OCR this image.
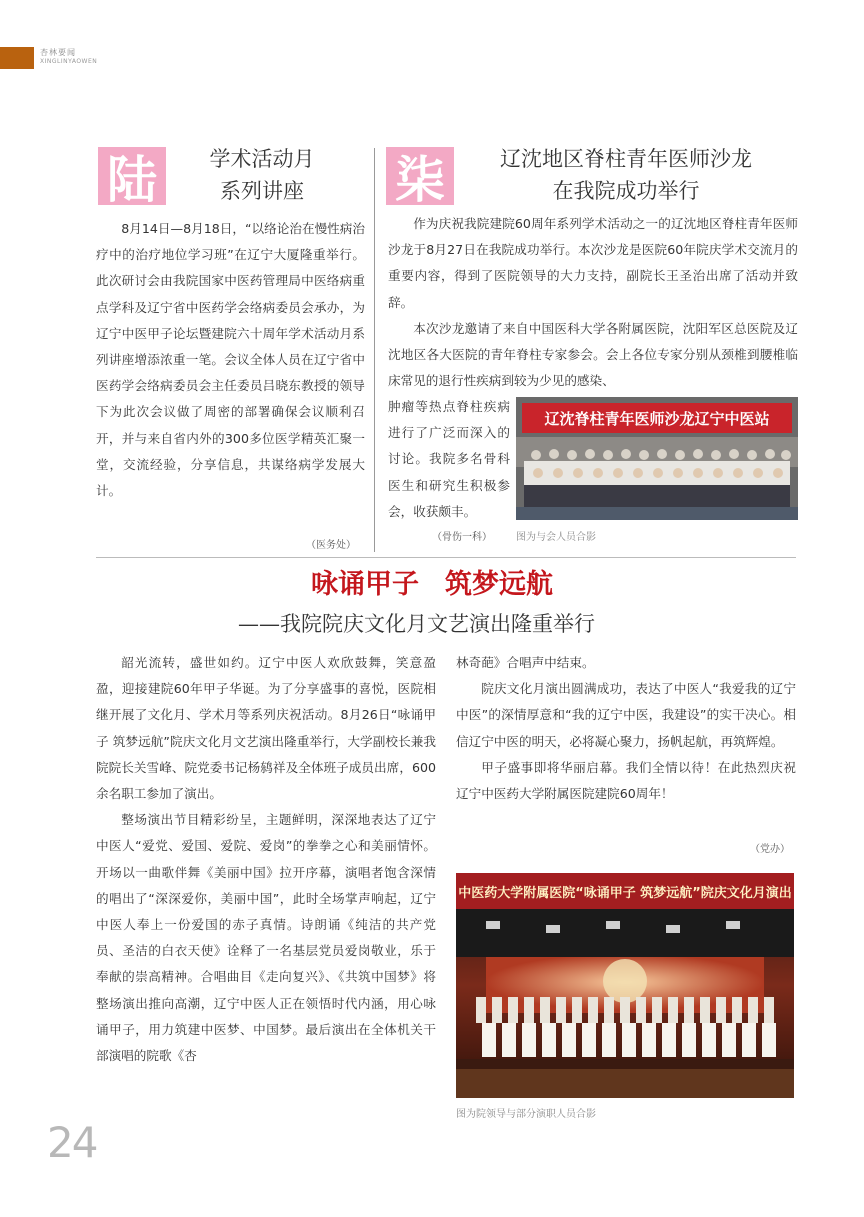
杏林要闻
XINGLINYAOWEN
陆	学术活动月
系列讲座

8月14日—8月18日，“以络论治在慢性病治疗中的治疗地位学习班”在辽宁大厦隆重举行。此次研讨会由我院国家中医药管理局中医络病重点学科及辽宁省中医药学会络病委员会承办，为辽宁中医甲子论坛暨建院六十周年学术活动月系列讲座增添浓重一笔。会议全体人员在辽宁省中医药学会络病委员会主任委员吕晓东教授的领导下为此次会议做了周密的部署确保会议顺利召开，并与来自省内外的300多位医学精英汇聚一堂，交流经验，分享信息，共谋络病学发展大计。

（医务处）
柒	辽沈地区脊柱青年医师沙龙
在我院成功举行

作为庆祝我院建院60周年系列学术活动之一的辽沈地区脊柱青年医师沙龙于8月27日在我院成功举行。本次沙龙是医院60年院庆学术交流月的重要内容，得到了医院领导的大力支持，副院长王圣治出席了活动并致辞。

本次沙龙邀请了来自中国医科大学各附属医院，沈阳军区总医院及辽沈地区各大医院的青年脊柱专家参会。会上各位专家分别从颈椎到腰椎临床常见的退行性疾病到较为少见的感染、

肿瘤等热点脊柱疾病进行了广泛而深入的讨论。我院多名骨科医生和研究生积极参会，收获颇丰。

（骨伤一科）
辽沈脊柱青年医师沙龙辽宁中医站
图为与会人员合影
咏诵甲子 筑梦远航
——我院院庆文化月文艺演出隆重举行

韶光流转，盛世如约。辽宁中医人欢欣鼓舞，笑意盈盈，迎接建院60年甲子华诞。为了分享盛事的喜悦，医院相继开展了文化月、学术月等系列庆祝活动。8月26日“咏诵甲子 筑梦远航”院庆文化月文艺演出隆重举行，大学副校长兼我院院长关雪峰、院党委书记杨鸫祥及全体班子成员出席，600余名职工参加了演出。

整场演出节目精彩纷呈，主题鲜明，深深地表达了辽宁中医人“爱党、爱国、爱院、爱岗”的拳拳之心和美丽情怀。开场以一曲歌伴舞《美丽中国》拉开序幕，演唱者饱含深情的唱出了“深深爱你，美丽中国”，此时全场掌声响起，辽宁中医人奉上一份爱国的赤子真情。诗朗诵《纯洁的共产党员、圣洁的白衣天使》诠释了一名基层党员爱岗敬业，乐于奉献的崇高精神。合唱曲目《走向复兴》、《共筑中国梦》将整场演出推向高潮，辽宁中医人正在领悟时代内涵，用心咏诵甲子，用力筑建中医梦、中国梦。最后演出在全体机关干部演唱的院歌《杏

林奇葩》合唱声中结束。

院庆文化月演出圆满成功，表达了中医人“我爱我的辽宁中医”的深情厚意和“我的辽宁中医，我建设”的实干决心。相信辽宁中医的明天，必将凝心聚力，扬帆起航，再筑辉煌。

甲子盛事即将华丽启幕。我们全情以待！在此热烈庆祝辽宁中医药大学附属医院建院60周年！

（党办）
中医药大学附属医院“咏诵甲子 筑梦远航”院庆文化月演出
图为院领导与部分演职人员合影
24
